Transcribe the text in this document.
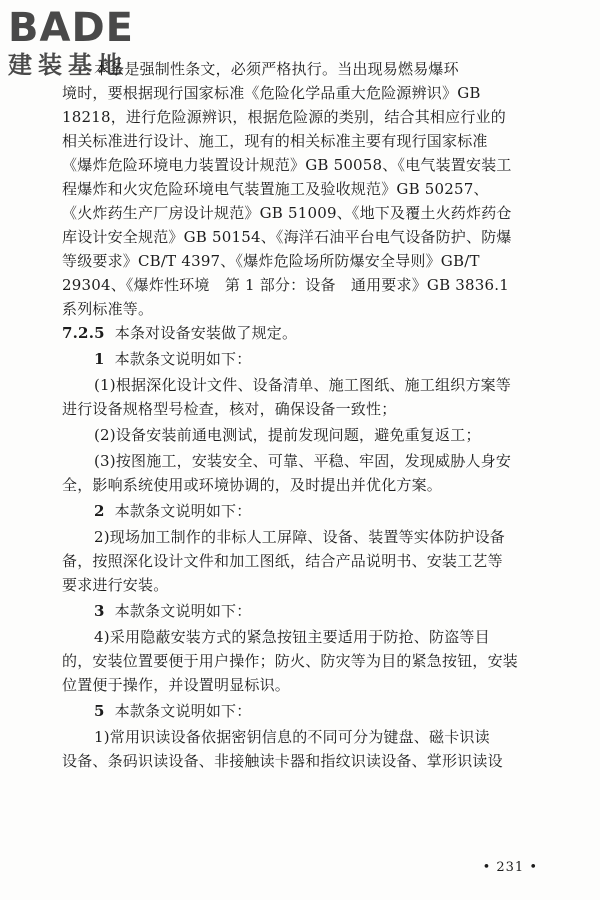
BADE
建装基地
本条是强制性条文，必须严格执行。当出现易燃易爆环
境时，要根据现行国家标准《危险化学品重大危险源辨识》GB
18218，进行危险源辨识，根据危险源的类别，结合其相应行业的
相关标准进行设计、施工，现有的相关标准主要有现行国家标准
《爆炸危险环境电力装置设计规范》GB 50058、《电气装置安装工
程爆炸和火灾危险环境电气装置施工及验收规范》GB 50257、
《火炸药生产厂房设计规范》GB 51009、《地下及覆土火药炸药仓
库设计安全规范》GB 50154、《海洋石油平台电气设备防护、防爆
等级要求》CB/T 4397、《爆炸危险场所防爆安全导则》GB/T
29304、《爆炸性环境　第 1 部分：设备　通用要求》GB 3836.1
系列标准等。
7.2.5 本条对设备安装做了规定。
1 本款条文说明如下：
(1)根据深化设计文件、设备清单、施工图纸、施工组织方案等
进行设备规格型号检查，核对，确保设备一致性；
(2)设备安装前通电测试，提前发现问题，避免重复返工；
(3)按图施工，安装安全、可靠、平稳、牢固，发现威胁人身安
全，影响系统使用或环境协调的，及时提出并优化方案。
2 本款条文说明如下：
2)现场加工制作的非标人工屏障、设备、装置等实体防护设备
备，按照深化设计文件和加工图纸，结合产品说明书、安装工艺等
要求进行安装。
3 本款条文说明如下：
4)采用隐蔽安装方式的紧急按钮主要适用于防抢、防盗等目
的，安装位置要便于用户操作；防火、防灾等为目的紧急按钮，安装
位置便于操作，并设置明显标识。
5 本款条文说明如下：
1)常用识读设备依据密钥信息的不同可分为键盘、磁卡识读
设备、条码识读设备、非接触读卡器和指纹识读设备、掌形识读设
• 231 •
